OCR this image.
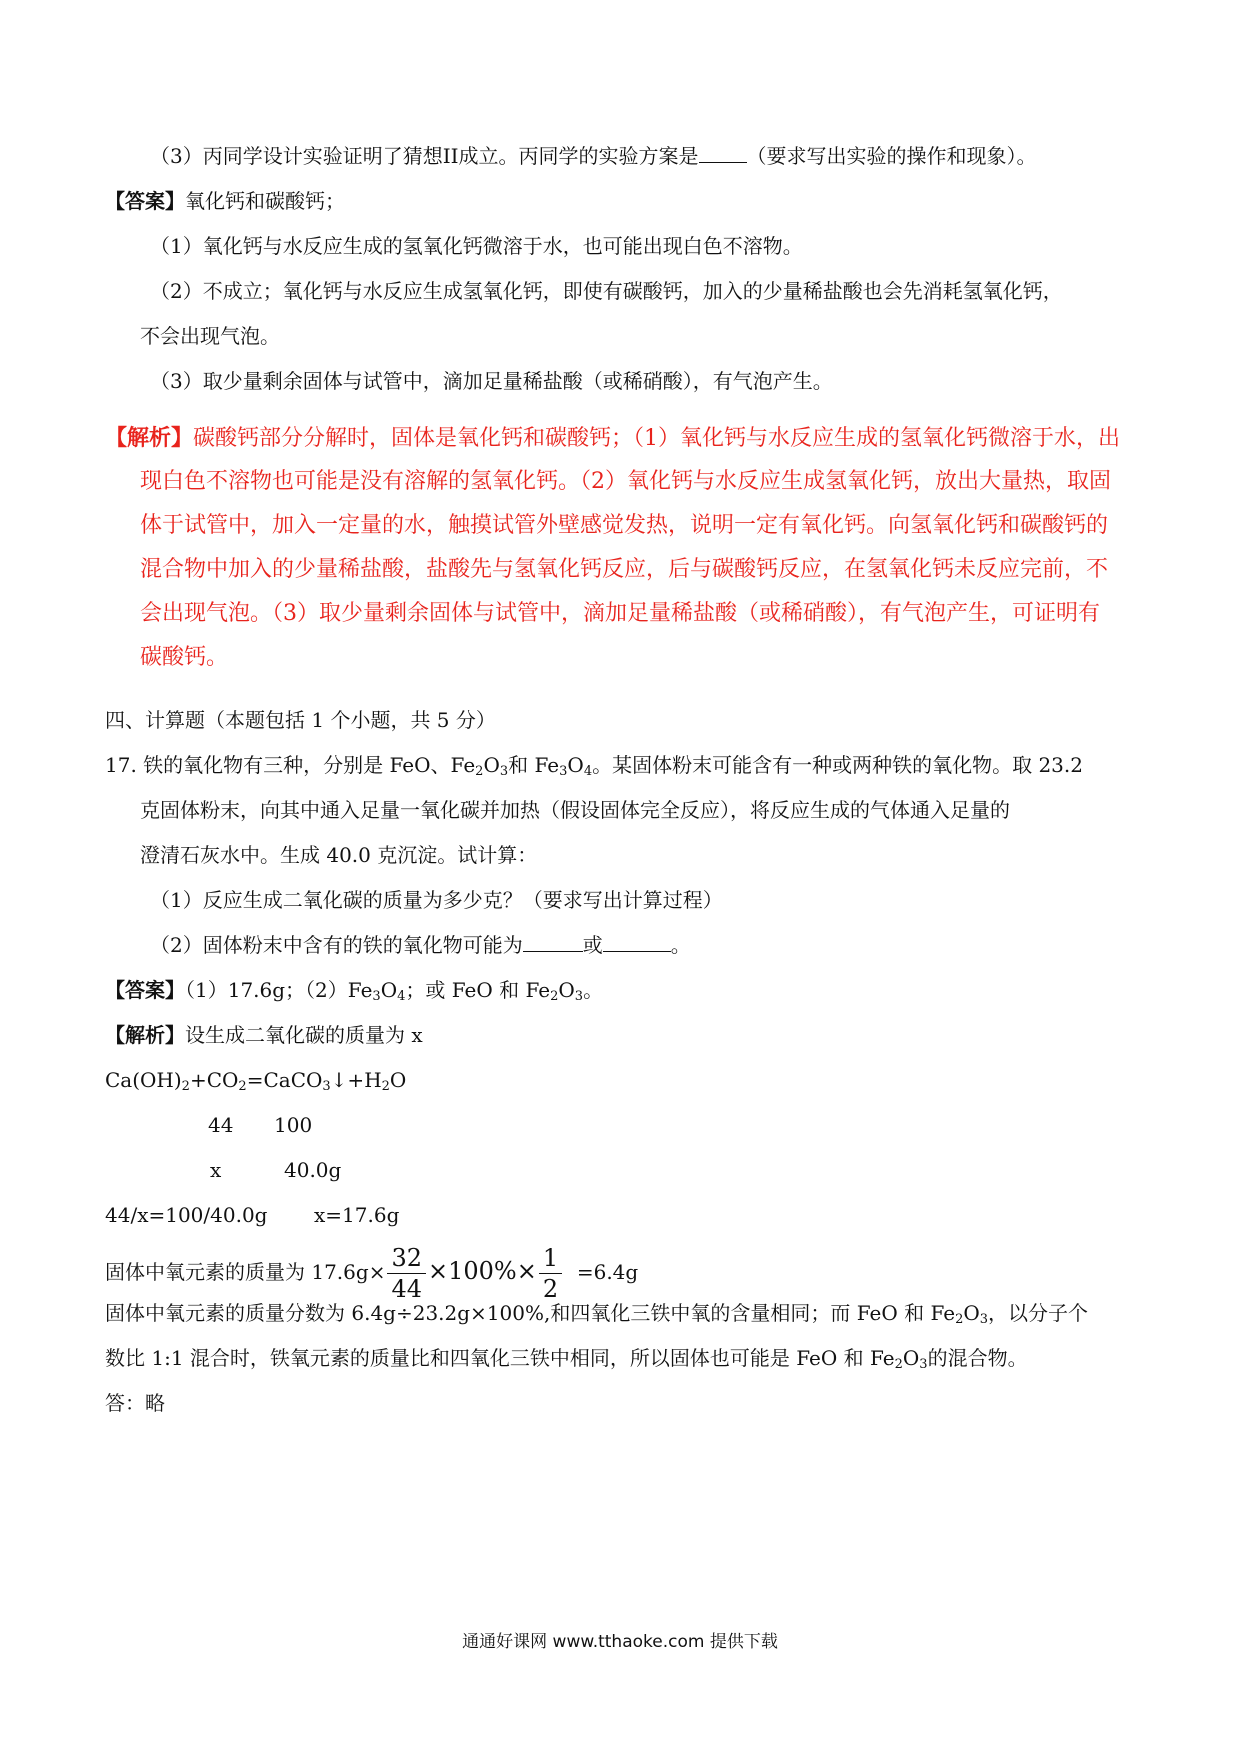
（3）丙同学设计实验证明了猜想II成立。丙同学的实验方案是 （要求写出实验的操作和现象）。
【答案】氧化钙和碳酸钙；
（1）氧化钙与水反应生成的氢氧化钙微溶于水，也可能出现白色不溶物。
（2）不成立；氧化钙与水反应生成氢氧化钙，即使有碳酸钙，加入的少量稀盐酸也会先消耗氢氧化钙，
不会出现气泡。
（3）取少量剩余固体与试管中，滴加足量稀盐酸（或稀硝酸），有气泡产生。
【解析】碳酸钙部分分解时，固体是氧化钙和碳酸钙；（1）氧化钙与水反应生成的氢氧化钙微溶于水，出
现白色不溶物也可能是没有溶解的氢氧化钙。（2）氧化钙与水反应生成氢氧化钙，放出大量热，取固
体于试管中，加入一定量的水，触摸试管外壁感觉发热，说明一定有氧化钙。向氢氧化钙和碳酸钙的
混合物中加入的少量稀盐酸，盐酸先与氢氧化钙反应，后与碳酸钙反应，在氢氧化钙未反应完前，不
会出现气泡。（3）取少量剩余固体与试管中，滴加足量稀盐酸（或稀硝酸），有气泡产生，可证明有
碳酸钙。
四、计算题（本题包括 1 个小题，共 5 分）
17. 铁的氧化物有三种，分别是 FeO、$Fe_2O_3$和 $Fe_3O_4$。某固体粉末可能含有一种或两种铁的氧化物。取 23.2
克固体粉末，向其中通入足量一氧化碳并加热（假设固体完全反应），将反应生成的气体通入足量的
澄清石灰水中。生成 40.0 克沉淀。试计算：
（1）反应生成二氧化碳的质量为多少克？（要求写出计算过程）
（2）固体粉末中含有的铁的氧化物可能为	或	。
【答案】（1）17.6g；$(2)Fe_3O_4$；或 FeO 和 $Fe_2O_3$。
【解析】设生成二氧化碳的质量为 x
$Ca(OH)_2+CO_2=CaCO_3↓+H_2O$
44 100
x	40.0g
44/x=100/40.0g x=17.6g
固体中氧元素的质量为 $17.6g\times \frac{32}{44} \times 100\%\times \frac{1}{2} =6.4g$
固体中氧元素的质量分数为 6.4g÷23.2g×100%,和四氧化三铁中氧的含量相同；而 FeO 和 $Fe_2O_3$，以分子个
数比 1:1 混合时，铁氧元素的质量比和四氧化三铁中相同，所以固体也可能是 FeO 和 $Fe_2O_3$的混合物。
答：略
通通好课网 www.tthaoke.com 提供下载
